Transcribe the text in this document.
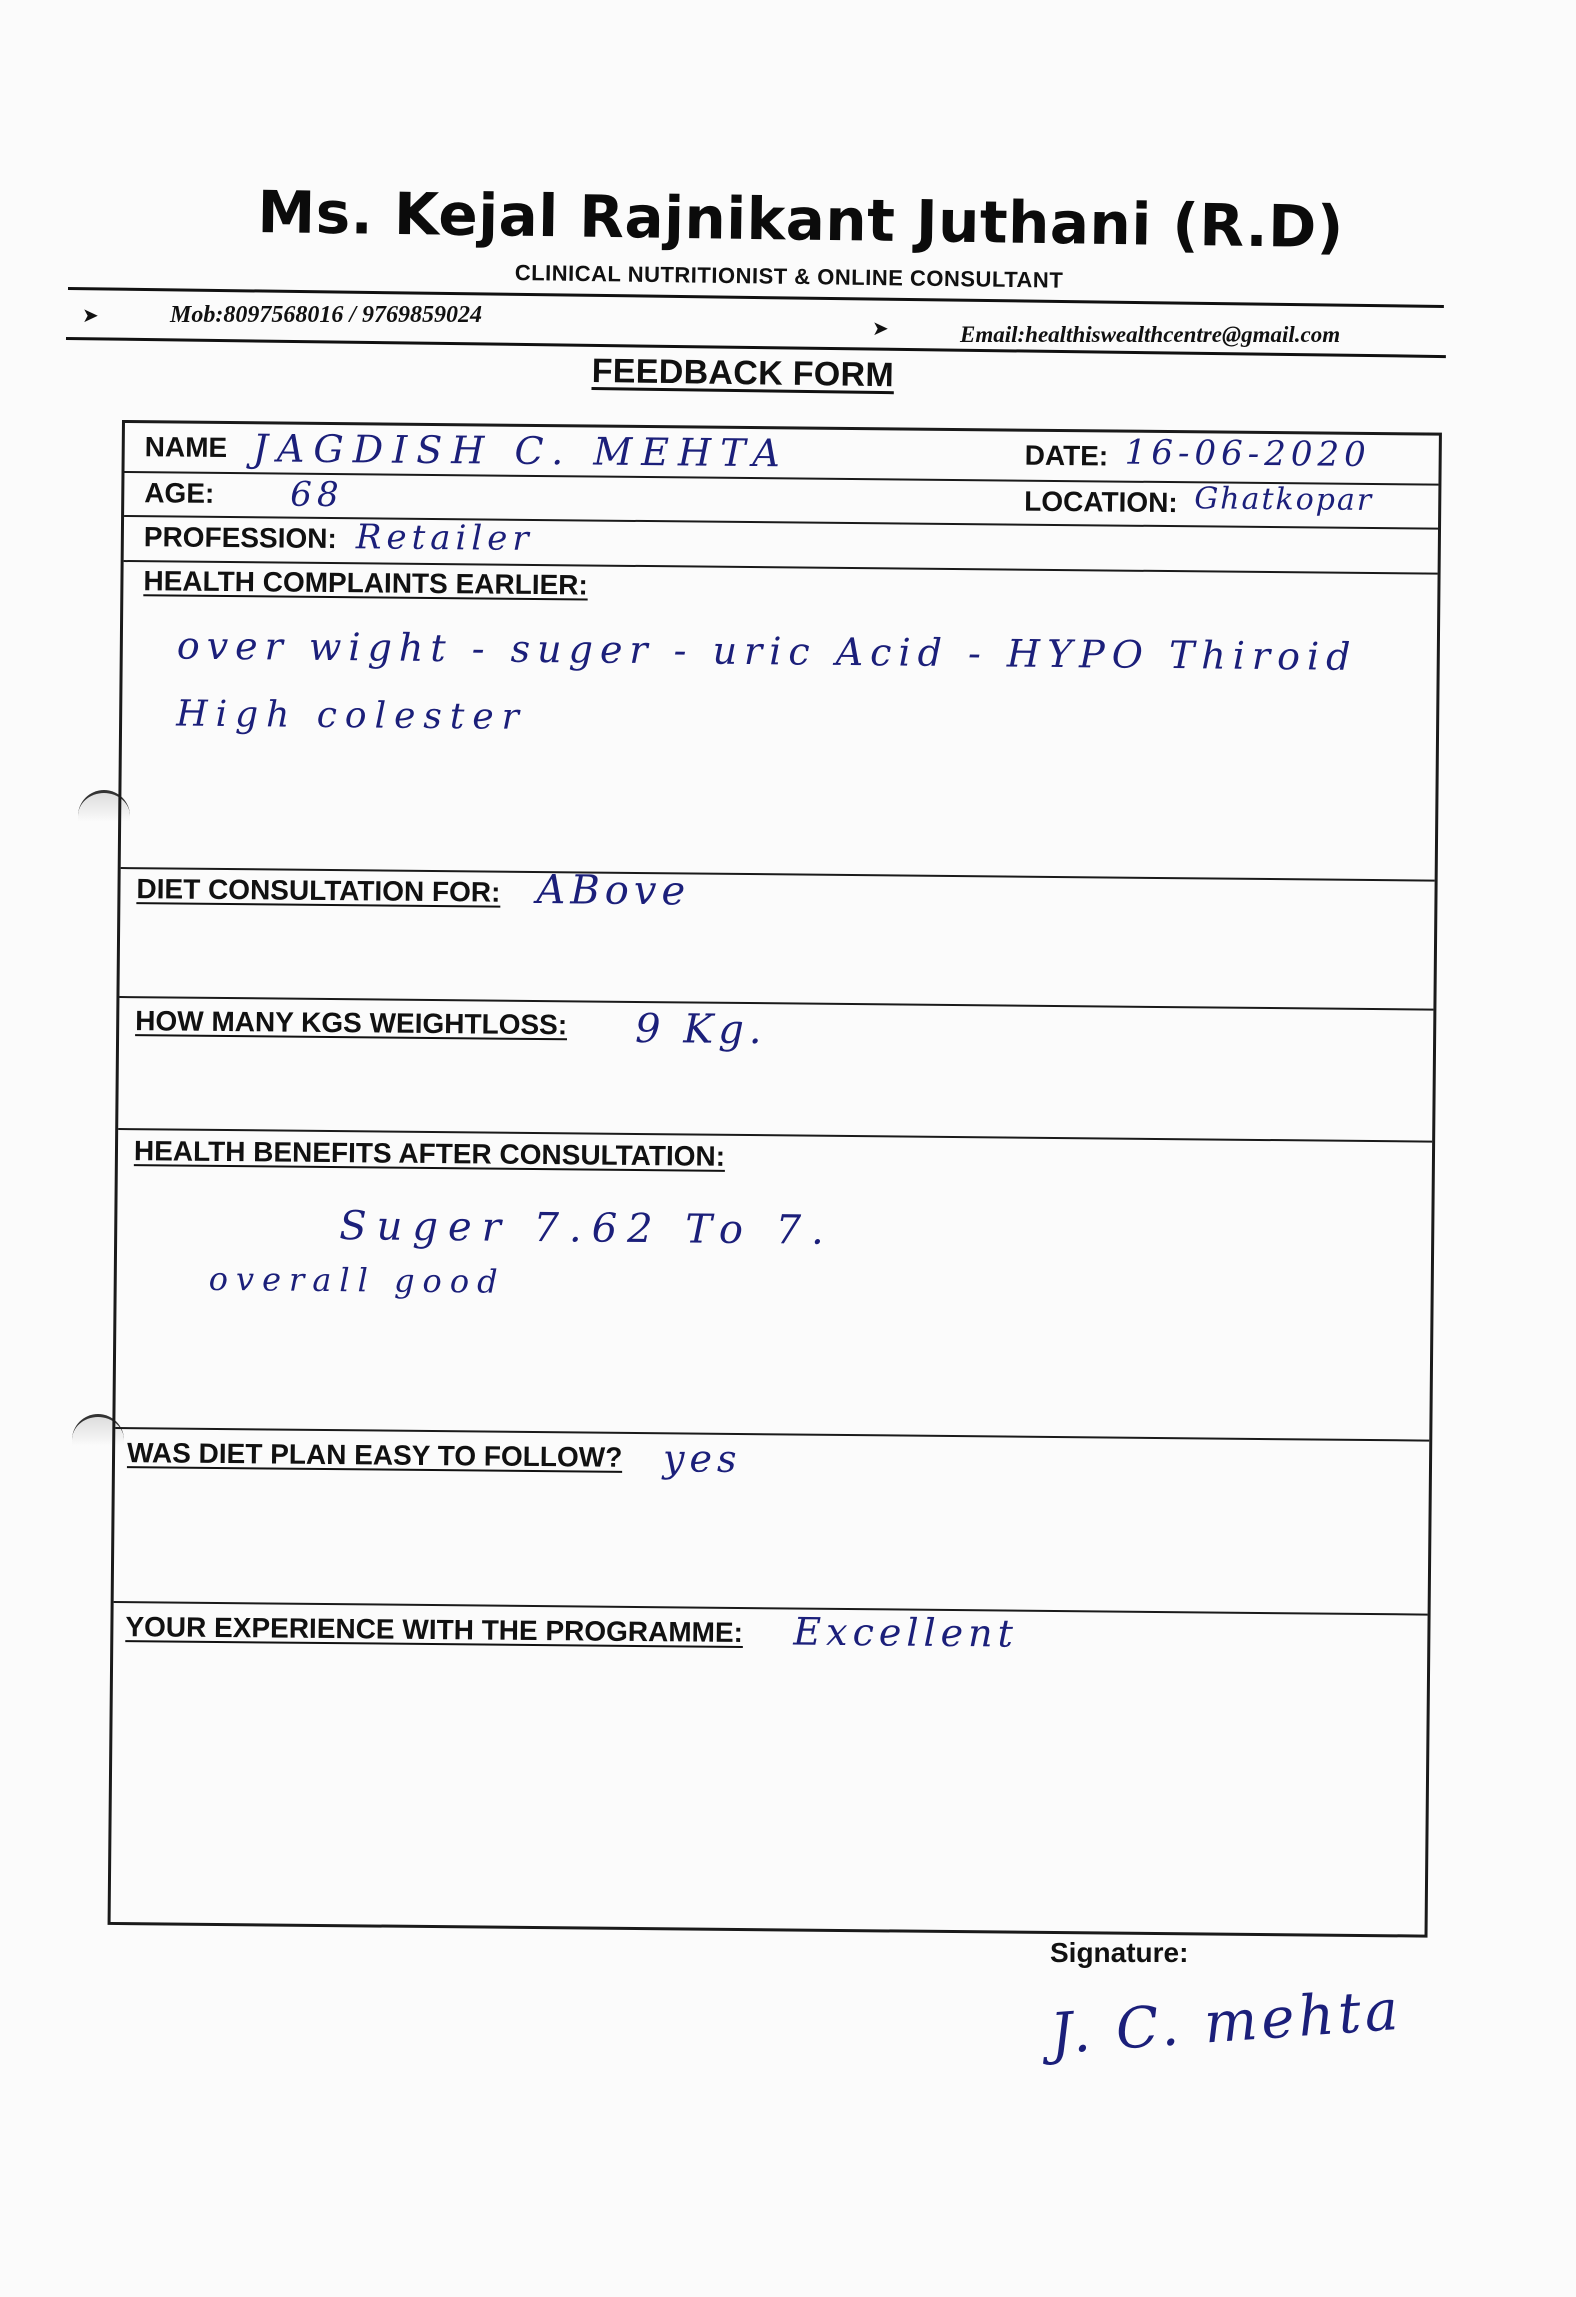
Ms. Kejal Rajnikant Juthani (R.D)
CLINICAL NUTRITIONIST & ONLINE CONSULTANT
➤	Mob:8097568016 / 9769859024
➤	Email:healthiswealthcentre@gmail.com
FEEDBACK FORM
NAME JAGDISH C. MEHTA	DATE: 16-06-2020
AGE: 68	LOCATION: Ghatkopar
PROFESSION: Retailer
HEALTH COMPLAINTS EARLIER:
over wight - suger - uric Acid - HYPO Thiroid
High colester
DIET CONSULTATION FOR: ABove
HOW MANY KGS WEIGHTLOSS: 9 Kg.
HEALTH BENEFITS AFTER CONSULTATION:
Suger 7.62 To 7.
overall good
WAS DIET PLAN EASY TO FOLLOW? yes
YOUR EXPERIENCE WITH THE PROGRAMME: Excellent
Signature:
J. C. mehta
